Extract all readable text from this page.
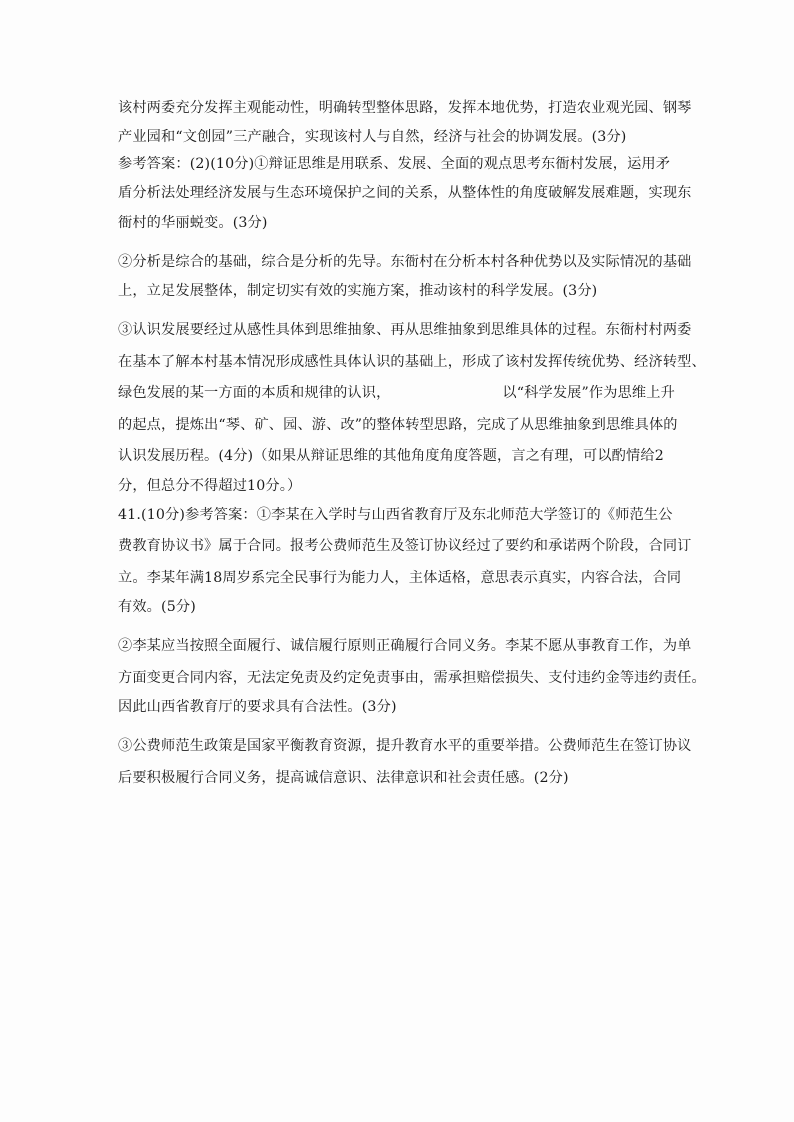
该村两委充分发挥主观能动性，明确转型整体思路，发挥本地优势，打造农业观光园、钢琴
产业园和“文创园”三产融合，实现该村人与自然，经济与社会的协调发展。(3分)
参考答案：(2)(10分)①辩证思维是用联系、发展、全面的观点思考东衙村发展，运用矛
盾分析法处理经济发展与生态环境保护之间的关系，从整体性的角度破解发展难题，实现东
衙村的华丽蜕变。(3分)
②分析是综合的基础，综合是分析的先导。东衙村在分析本村各种优势以及实际情况的基础
上，立足发展整体，制定切实有效的实施方案，推动该村的科学发展。(3分)
③认识发展要经过从感性具体到思维抽象、再从思维抽象到思维具体的过程。东衙村村两委
在基本了解本村基本情况形成感性具体认识的基础上，形成了该村发挥传统优势、经济转型、
绿色发展的某一方面的本质和规律的认识，	以“科学发展”作为思维上升
的起点，提炼出“琴、矿、园、游、改”的整体转型思路，完成了从思维抽象到思维具体的
认识发展历程。(4分)（如果从辩证思维的其他角度角度答题，言之有理，可以酌情给2
分，但总分不得超过10分。）
41.(10分)参考答案：①李某在入学时与山西省教育厅及东北师范大学签订的《师范生公
费教育协议书》属于合同。报考公费师范生及签订协议经过了要约和承诺两个阶段，合同订
立。李某年满18周岁系完全民事行为能力人，主体适格，意思表示真实，内容合法，合同
有效。(5分)
②李某应当按照全面履行、诚信履行原则正确履行合同义务。李某不愿从事教育工作，为单
方面变更合同内容，无法定免责及约定免责事由，需承担赔偿损失、支付违约金等违约责任。
因此山西省教育厅的要求具有合法性。(3分)
③公费师范生政策是国家平衡教育资源，提升教育水平的重要举措。公费师范生在签订协议
后要积极履行合同义务，提高诚信意识、法律意识和社会责任感。(2分)
